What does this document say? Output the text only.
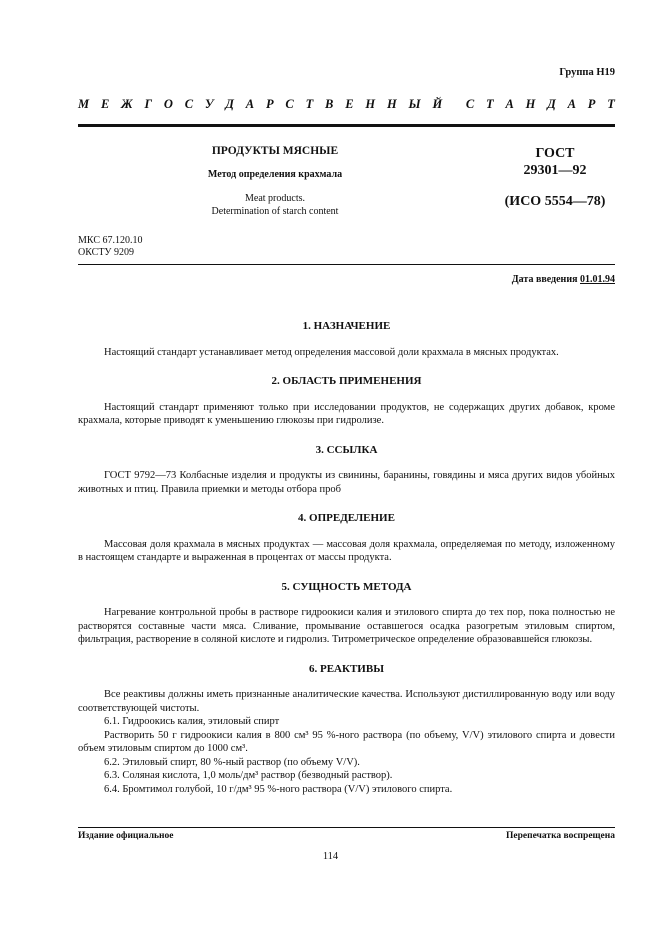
Группа Н19
М Е Ж Г О С У Д А Р С Т В Е Н Н Ы Й С Т А Н Д А Р Т
ПРОДУКТЫ МЯСНЫЕ
Метод определения крахмала
Meat products.
Determination of starch content
ГОСТ
29301—92
(ИСО 5554—78)
МКС 67.120.10
ОКСТУ 9209
Дата введения 01.01.94
1. НАЗНАЧЕНИЕ

Настоящий стандарт устанавливает метод определения массовой доли крахмала в мясных продуктах.

2. ОБЛАСТЬ ПРИМЕНЕНИЯ

Настоящий стандарт применяют только при исследовании продуктов, не содержащих других добавок, кроме крахмала, которые приводят к уменьшению глюкозы при гидролизе.

3. ССЫЛКА

ГОСТ 9792—73 Колбасные изделия и продукты из свинины, баранины, говядины и мяса других видов убойных животных и птиц. Правила приемки и методы отбора проб

4. ОПРЕДЕЛЕНИЕ

Массовая доля крахмала в мясных продуктах — массовая доля крахмала, определяемая по методу, изложенному в настоящем стандарте и выраженная в процентах от массы продукта.

5. СУЩНОСТЬ МЕТОДА

Нагревание контрольной пробы в растворе гидроокиси калия и этилового спирта до тех пор, пока полностью не растворятся составные части мяса. Сливание, промывание оставшегося осадка разогретым этиловым спиртом, фильтрация, растворение в соляной кислоте и гидролиз. Титрометрическое определение образовавшейся глюкозы.

6. РЕАКТИВЫ

Все реактивы должны иметь признанные аналитические качества. Используют дистиллированную воду или воду соответствующей чистоты.

6.1. Гидроокись калия, этиловый спирт

Растворить 50 г гидроокиси калия в 800 см³ 95 %-ного раствора (по объему, V/V) этилового спирта и довести объем этиловым спиртом до 1000 см³.

6.2. Этиловый спирт, 80 %-ный раствор (по объему V/V).

6.3. Соляная кислота, 1,0 моль/дм³ раствор (безводный раствор).

6.4. Бромтимол голубой, 10 г/дм³ 95 %-ного раствора (V/V) этилового спирта.

Издание официальное	Перепечатка воспрещена
114
